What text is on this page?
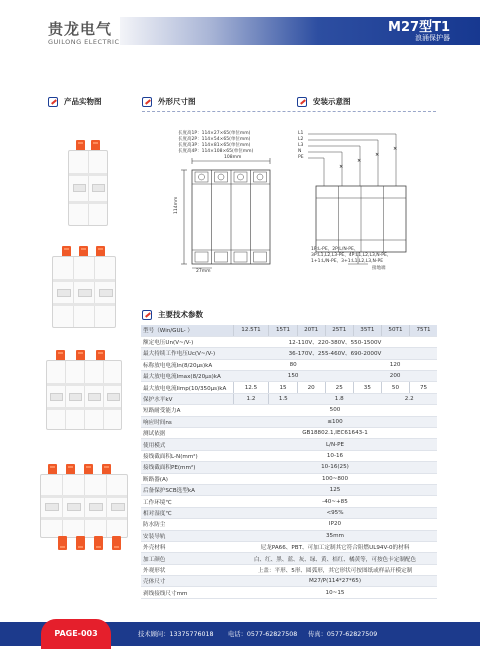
贵龙电气
GUILONG ELECTRIC
M27型T1
浪涌保护器
产品实物图	外形尺寸图	安装示意图
长度高1P：114×27×65(单位mm)
长度高2P：114×54×65(单位mm)
长度高3P：114×81×65(单位mm)
长度高4P：114×108×65(单位mm)
108mm
114mm
27mm
L1
L2
L3
N
PE
×
×
×
×
1P:L-PE、2P:L/N-PE、
3P:L1,L2,L3-PE、4P:L1,L2,L3,N-PE、
1+1:L/N-PE、3+1:L1,L2,L3,N-PE
接地端
主要技术参数
型号（Win/GUL- ）	12.5T1	15T1	20T1	25T1	35T1	50T1	75T1
额定电压Un(V~/V-)	12-110V、220-380V、550-1500V						
最大持续工作电压Uc(V~/V-)	36-170V、255-460V、690-2000V						
标称放电电流In(8/20μs)kA	80				120		
最大放电电流Imax(8/20μs)kA	150				200		
最大放电电流Iimp(10/350μs)kA	12.5	15	20	25	35	50	75
保护水平kV	1.2	1.5	1.8			2.2	
短路耐受能力A	500						
响应时间ns	≤100						
测试依据	GB18802.1,IEC61643-1						
使用模式	L/N-PE						
接线截面积L-N(mm²)	10-16						
接线截面积PE(mm²)	10-16(25)						
断路器(A)	100~800						
后备保护SCB选型kA	125						
工作环境℃	-40~+85						
相对湿度℃	<95%						
防水防尘	IP20						
安装导轨	35mm						
外壳材料	尼龙PA66、PBT、可加工定制其它符合阻燃UL94V-0的材料						
加工颜色	白、红、黑、蓝、灰、绿、黄、桔红、橘黄等，可按色卡定制配色						
外观形状	上盖：平形、5形、圆弧形，其它形状可按图纸或样品开模定制						
壳体尺寸	M27/P(114*27*65)						
剥线接线尺寸mm	10~15						
PAGE-003	技术顾问：13375776018 电话：0577-62827508 传真：0577-62827509
